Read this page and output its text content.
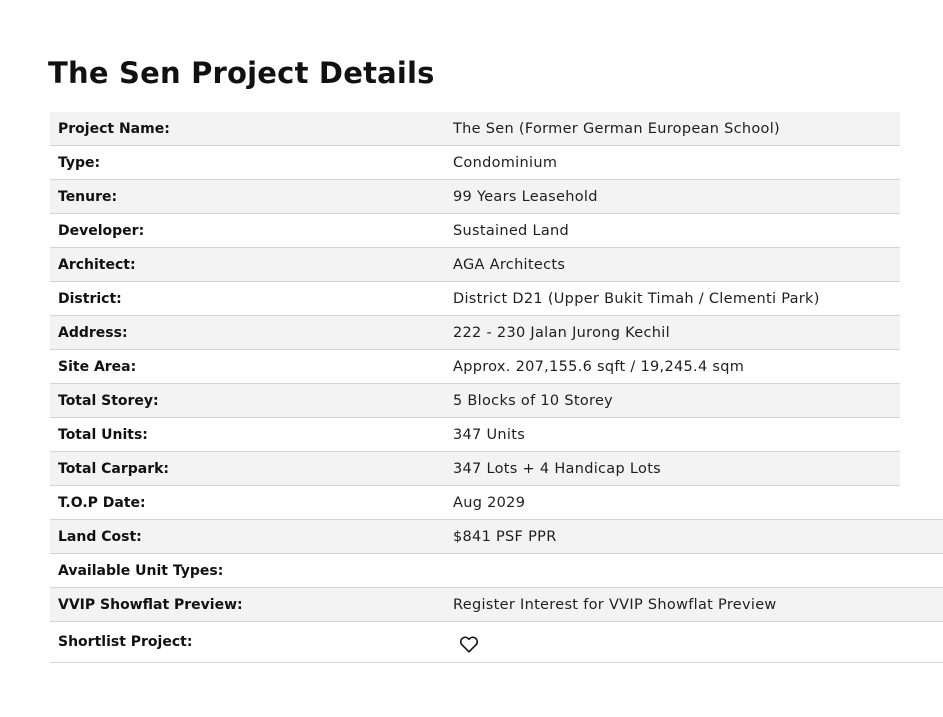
The Sen Project Details
Project Name:	The Sen (Former German European School)
Type:	Condominium
Tenure:	99 Years Leasehold
Developer:	Sustained Land
Architect:	AGA Architects
District:	District D21 (Upper Bukit Timah / Clementi Park)
Address:	222 - 230 Jalan Jurong Kechil
Site Area:	Approx. 207,155.6 sqft / 19,245.4 sqm
Total Storey:	5 Blocks of 10 Storey
Total Units:	347 Units
Total Carpark:	347 Lots + 4 Handicap Lots
T.O.P Date:	Aug 2029
Land Cost:	$841 PSF PPR
Available Unit Types:
VVIP Showflat Preview:	Register Interest for VVIP Showflat Preview
Shortlist Project:
